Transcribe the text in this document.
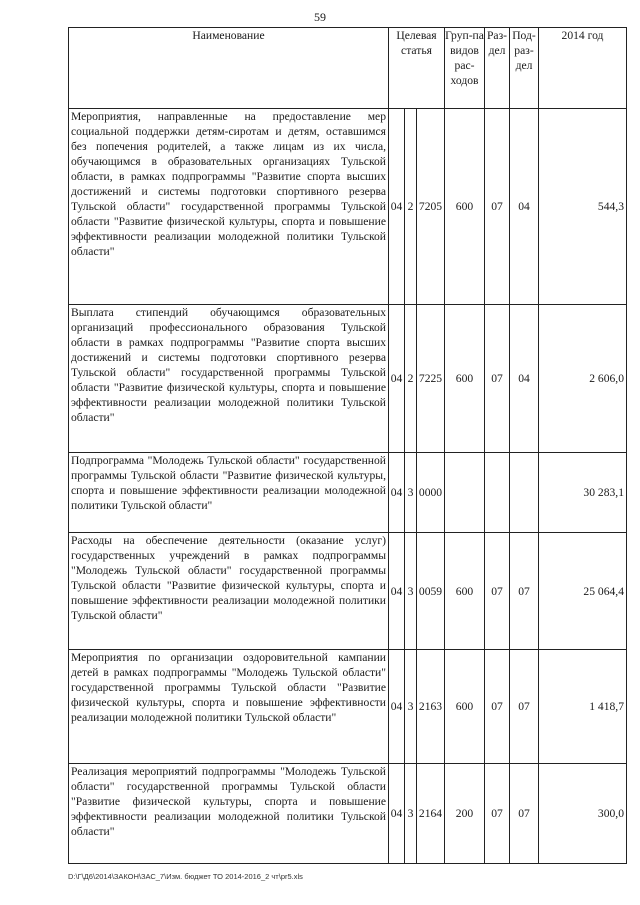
59
Наименование	Целевая статья			Груп-па видов рас-ходов	Раз-дел	Под-раз-дел	2014 год
Мероприятия, направленные на предоставление мер социальной поддержки детям-сиротам и детям, оставшимся без попечения родителей, а также лицам из их числа, обучающимся в образовательных организациях Тульской области, в рамках подпрограммы "Развитие спорта высших достижений и системы подготовки спортивного резерва Тульской области" государственной программы Тульской области "Развитие физической культуры, спорта и повышение эффективности реализации молодежной политики Тульской области"	04	2	7205	600	07	04	544,3
Выплата стипендий обучающимся образовательных организаций профессионального образования Тульской области в рамках подпрограммы "Развитие спорта высших достижений и системы подготовки спортивного резерва Тульской области" государственной программы Тульской области "Развитие физической культуры, спорта и повышение эффективности реализации молодежной политики Тульской области"	04	2	7225	600	07	04	2 606,0
Подпрограмма "Молодежь Тульской области" государственной программы Тульской области "Развитие физической культуры, спорта и повышение эффективности реализации молодежной политики Тульской области"	04	3	0000				30 283,1
Расходы на обеспечение деятельности (оказание услуг) государственных учреждений в рамках подпрограммы "Молодежь Тульской области" государственной программы Тульской области "Развитие физической культуры, спорта и повышение эффективности реализации молодежной политики Тульской области"	04	3	0059	600	07	07	25 064,4
Мероприятия по организации оздоровительной кампании детей в рамках подпрограммы "Молодежь Тульской области" государственной программы Тульской области "Развитие физической культуры, спорта и повышение эффективности реализации молодежной политики Тульской области"	04	3	2163	600	07	07	1 418,7
Реализация мероприятий подпрограммы "Молодежь Тульской области" государственной программы Тульской области "Развитие физической культуры, спорта и повышение эффективности реализации молодежной политики Тульской области"	04	3	2164	200	07	07	300,0
D:\Г\Д6\2014\ЗАКОН\ЗАС_7\Изм. бюджет ТО 2014-2016_2 чт\pr5.xls
